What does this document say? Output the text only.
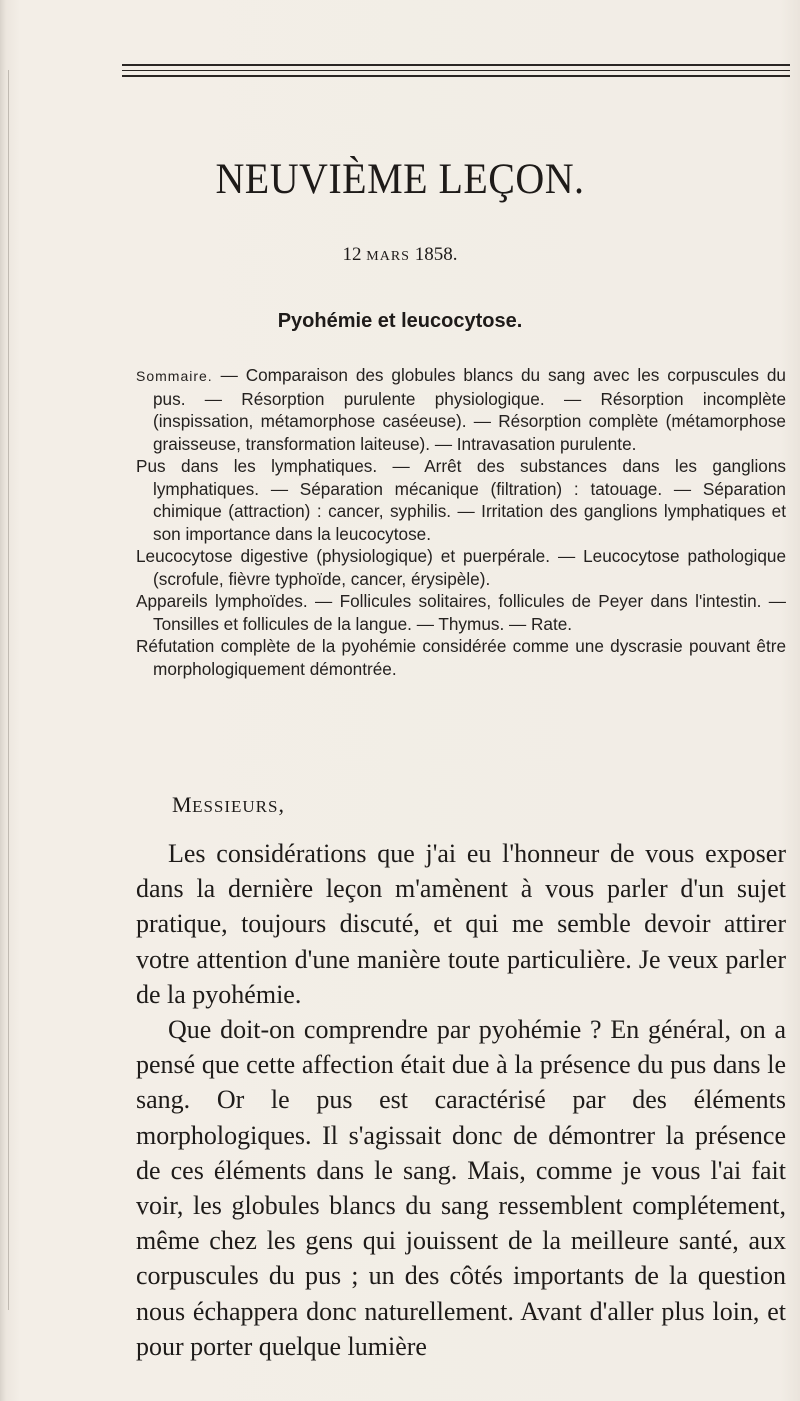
NEUVIÈME LEÇON.
12 MARS 1858.
Pyohémie et leucocytose.

Sommaire. — Comparaison des globules blancs du sang avec les corpuscules du pus. — Résorption purulente physiologique. — Résorption incomplète (inspissation, métamorphose caséeuse). — Résorption complète (métamorphose graisseuse, transformation laiteuse). — Intravasation purulente.

Pus dans les lymphatiques. — Arrêt des substances dans les ganglions lymphatiques. — Séparation mécanique (filtration) : tatouage. — Séparation chimique (attraction) : cancer, syphilis. — Irritation des ganglions lymphatiques et son importance dans la leucocytose.

Leucocytose digestive (physiologique) et puerpérale. — Leucocytose pathologique (scrofule, fièvre typhoïde, cancer, érysipèle).

Appareils lymphoïdes. — Follicules solitaires, follicules de Peyer dans l'intestin. — Tonsilles et follicules de la langue. — Thymus. — Rate.

Réfutation complète de la pyohémie considérée comme une dyscrasie pouvant être morphologiquement démontrée.

MESSIEURS,

Les considérations que j'ai eu l'honneur de vous exposer dans la dernière leçon m'amènent à vous parler d'un sujet pratique, toujours discuté, et qui me semble devoir attirer votre attention d'une manière toute particulière. Je veux parler de la pyohémie.

Que doit-on comprendre par pyohémie ? En général, on a pensé que cette affection était due à la présence du pus dans le sang. Or le pus est caractérisé par des éléments morphologiques. Il s'agissait donc de démontrer la présence de ces éléments dans le sang. Mais, comme je vous l'ai fait voir, les globules blancs du sang ressemblent complétement, même chez les gens qui jouissent de la meilleure santé, aux corpuscules du pus ; un des côtés importants de la question nous échappera donc naturellement. Avant d'aller plus loin, et pour porter quelque lumière
